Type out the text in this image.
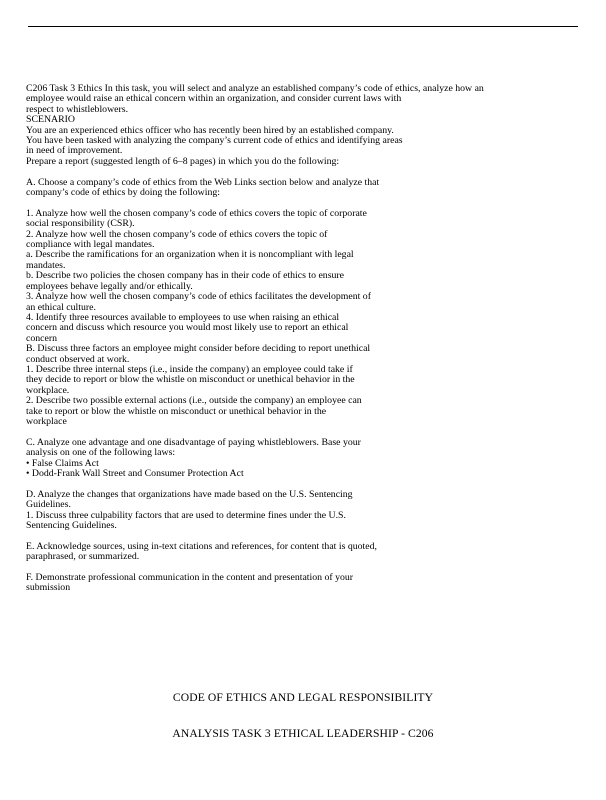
C206 Task 3 Ethics In this task, you will select and analyze an established company’s code of ethics, analyze how an
employee would raise an ethical concern within an organization, and consider current laws with
respect to whistleblowers.
SCENARIO
You are an experienced ethics officer who has recently been hired by an established company.
You have been tasked with analyzing the company’s current code of ethics and identifying areas
in need of improvement.
Prepare a report (suggested length of 6–8 pages) in which you do the following:
A. Choose a company’s code of ethics from the Web Links section below and analyze that
company’s code of ethics by doing the following:
1. Analyze how well the chosen company’s code of ethics covers the topic of corporate
social responsibility (CSR).
2. Analyze how well the chosen company’s code of ethics covers the topic of
compliance with legal mandates.
a. Describe the ramifications for an organization when it is noncompliant with legal
mandates.
b. Describe two policies the chosen company has in their code of ethics to ensure
employees behave legally and/or ethically.
3. Analyze how well the chosen company’s code of ethics facilitates the development of
an ethical culture.
4. Identify three resources available to employees to use when raising an ethical
concern and discuss which resource you would most likely use to report an ethical
concern
B. Discuss three factors an employee might consider before deciding to report unethical
conduct observed at work.
1. Describe three internal steps (i.e., inside the company) an employee could take if
they decide to report or blow the whistle on misconduct or unethical behavior in the
workplace.
2. Describe two possible external actions (i.e., outside the company) an employee can
take to report or blow the whistle on misconduct or unethical behavior in the
workplace
C. Analyze one advantage and one disadvantage of paying whistleblowers. Base your
analysis on one of the following laws:
• False Claims Act
• Dodd-Frank Wall Street and Consumer Protection Act
D. Analyze the changes that organizations have made based on the U.S. Sentencing
Guidelines.
1. Discuss three culpability factors that are used to determine fines under the U.S.
Sentencing Guidelines.
E. Acknowledge sources, using in-text citations and references, for content that is quoted,
paraphrased, or summarized.
F. Demonstrate professional communication in the content and presentation of your
submission
CODE OF ETHICS AND LEGAL RESPONSIBILITY
ANALYSIS TASK 3 ETHICAL LEADERSHIP - C206
